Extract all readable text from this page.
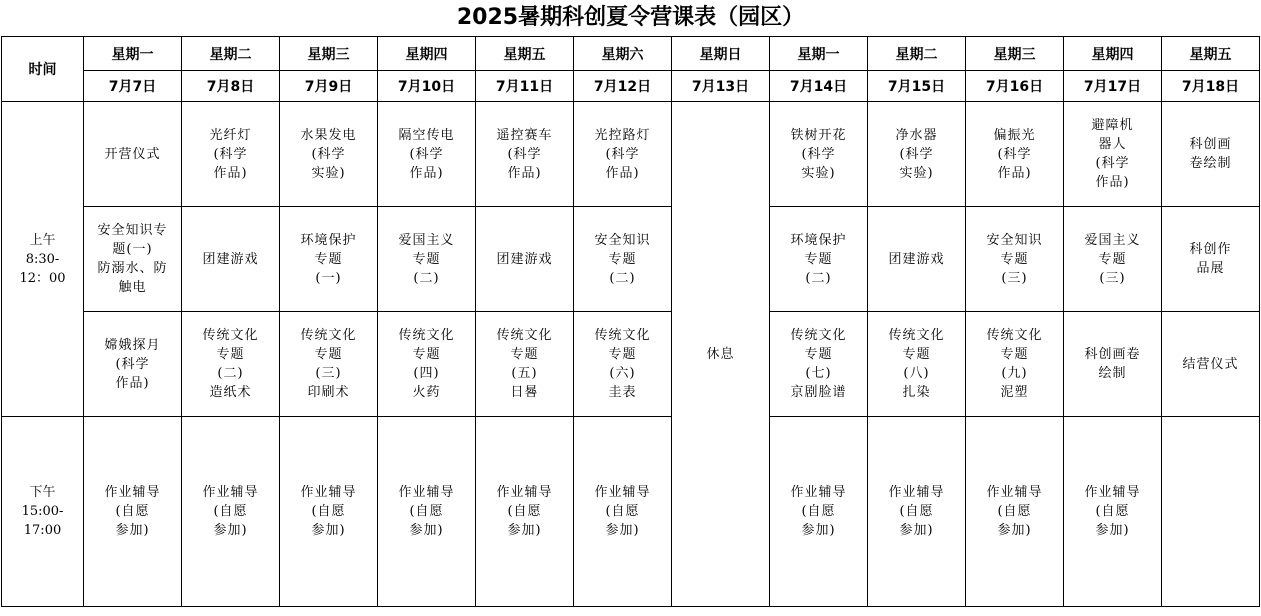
2025暑期科创夏令营课表（园区）
时间	星期一	星期二	星期三	星期四	星期五	星期六	星期日	星期一	星期二	星期三	星期四	星期五
	7月7日	7月8日	7月9日	7月10日	7月11日	7月12日	7月13日	7月14日	7月15日	7月16日	7月17日	7月18日
上午
8:30-
12：00	开营仪式	光纤灯
(科学
作品)	水果发电
(科学
实验)	隔空传电
(科学
作品)	遥控赛车
(科学
作品)	光控路灯
(科学
作品)	休息	铁树开花
(科学
实验)	净水器
(科学
实验)	偏振光
(科学
作品)	避障机
器人
(科学
作品)	科创画
卷绘制
	安全知识专
题(一)
防溺水、防
触电	团建游戏	环境保护
专题
(一)	爱国主义
专题
(二)	团建游戏	安全知识
专题
(二)		环境保护
专题
(二)	团建游戏	安全知识
专题
(三)	爱国主义
专题
(三)	科创作
品展
	嫦娥探月
(科学
作品)	传统文化
专题
(二)
造纸术	传统文化
专题
(三)
印刷术	传统文化
专题
(四)
火药	传统文化
专题
(五)
日晷	传统文化
专题
(六)
圭表		传统文化
专题
(七)
京剧脸谱	传统文化
专题
(八)
扎染	传统文化
专题
(九)
泥塑	科创画卷
绘制	结营仪式
下午
15:00-
17:00	作业辅导
(自愿
参加)	作业辅导
(自愿
参加)	作业辅导
(自愿
参加)	作业辅导
(自愿
参加)	作业辅导
(自愿
参加)	作业辅导
(自愿
参加)		作业辅导
(自愿
参加)	作业辅导
(自愿
参加)	作业辅导
(自愿
参加)	作业辅导
(自愿
参加)	
